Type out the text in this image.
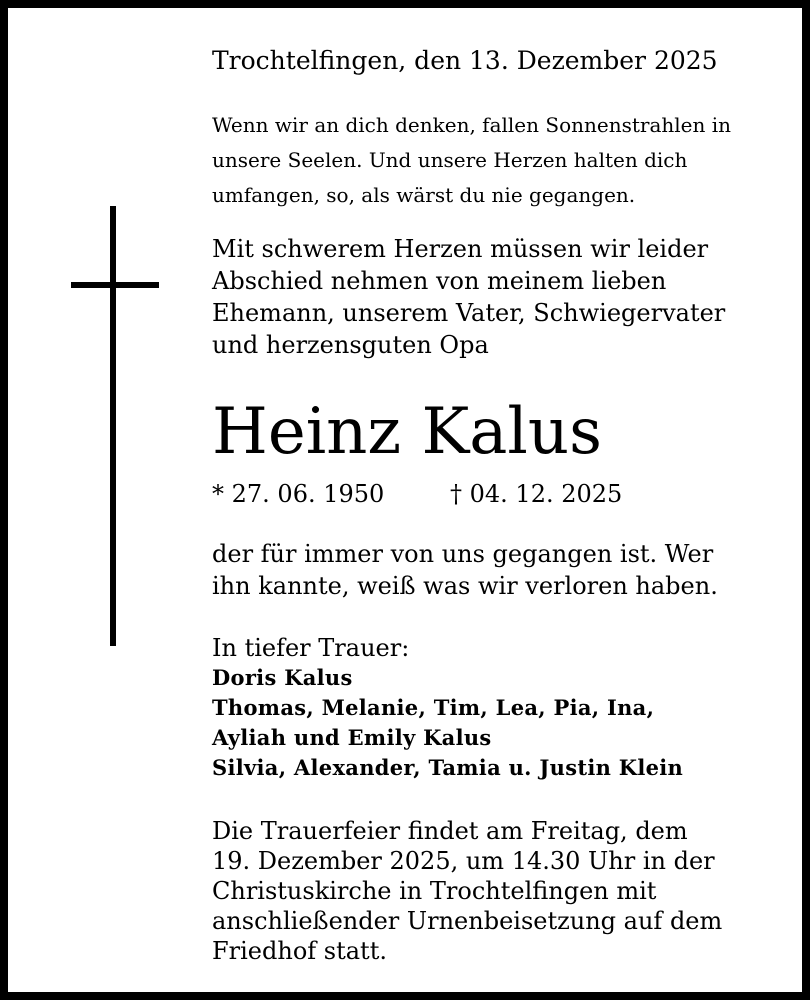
Trochtelfingen, den 13. Dezember 2025
Wenn wir an dich denken, fallen Sonnenstrahlen in
unsere Seelen. Und unsere Herzen halten dich
umfangen, so, als wärst du nie gegangen.
Mit schwerem Herzen müssen wir leider
Abschied nehmen von meinem lieben
Ehemann, unserem Vater, Schwiegervater
und herzensguten Opa
Heinz Kalus
* 27. 06. 1950	† 04. 12. 2025
der für immer von uns gegangen ist. Wer
ihn kannte, weiß was wir verloren haben.
In tiefer Trauer:
Doris Kalus
Thomas, Melanie, Tim, Lea, Pia, Ina,
Ayliah und Emily Kalus
Silvia, Alexander, Tamia u. Justin Klein
Die Trauerfeier findet am Freitag, dem
19. Dezember 2025, um 14.30 Uhr in der
Christuskirche in Trochtelfingen mit
anschließender Urnenbeisetzung auf dem
Friedhof statt.
